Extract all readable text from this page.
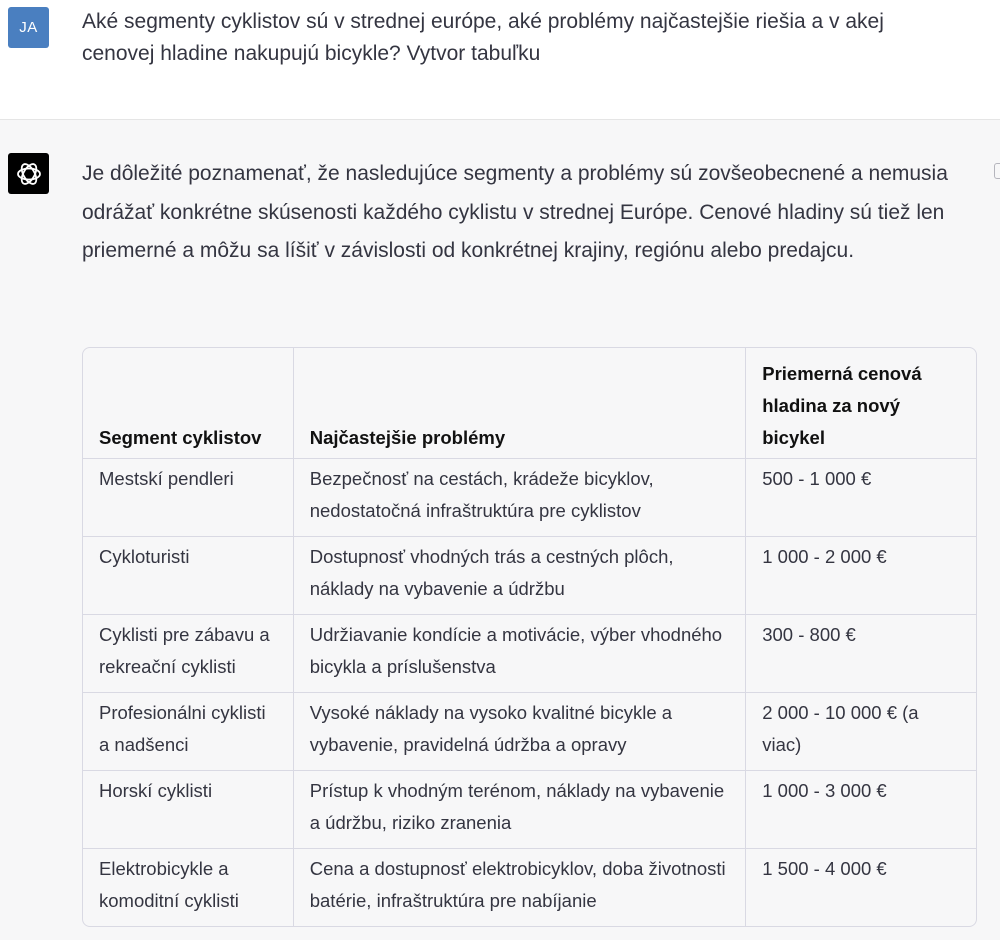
JA Aké segmenty cyklistov sú v strednej európe, aké problémy najčastejšie riešia a v akej cenovej hladine nakupujú bicykle? Vytvor tabuľku
Je dôležité poznamenať, že nasledujúce segmenty a problémy sú zovšeobecnené a nemusia odrážať konkrétne skúsenosti každého cyklistu v strednej Európe. Cenové hladiny sú tiež len priemerné a môžu sa líšiť v závislosti od konkrétnej krajiny, regiónu alebo predajcu.
Segment cyklistov	Najčastejšie problémy	Priemerná cenová hladina za nový bicykel
Mestskí pendleri	Bezpečnosť na cestách, krádeže bicyklov, nedostatočná infraštruktúra pre cyklistov	500 - 1 000 €
Cykloturisti	Dostupnosť vhodných trás a cestných plôch, náklady na vybavenie a údržbu	1 000 - 2 000 €
Cyklisti pre zábavu a rekreační cyklisti	Udržiavanie kondície a motivácie, výber vhodného bicykla a príslušenstva	300 - 800 €
Profesionálni cyklisti a nadšenci	Vysoké náklady na vysoko kvalitné bicykle a vybavenie, pravidelná údržba a opravy	2 000 - 10 000 € (a viac)
Horskí cyklisti	Prístup k vhodným terénom, náklady na vybavenie a údržbu, riziko zranenia	1 000 - 3 000 €
Elektrobicykle a komoditní cyklisti	Cena a dostupnosť elektrobicyklov, doba životnosti batérie, infraštruktúra pre nabíjanie	1 500 - 4 000 €
